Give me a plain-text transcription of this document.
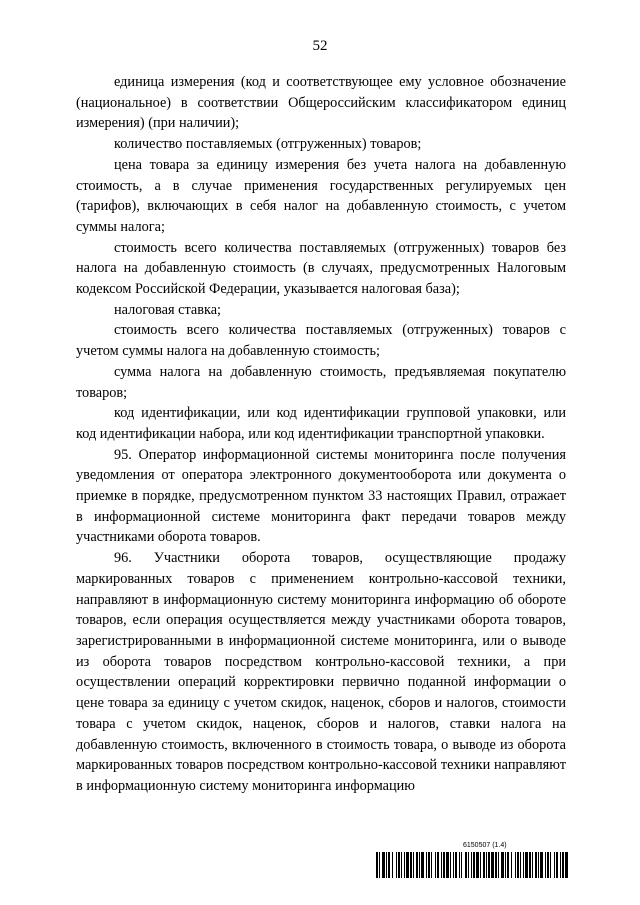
52

единица измерения (код и соответствующее ему условное обозначение (национальное) в соответствии Общероссийским классификатором единиц измерения) (при наличии);

количество поставляемых (отгруженных) товаров;

цена товара за единицу измерения без учета налога на добавленную стоимость, а в случае применения государственных регулируемых цен (тарифов), включающих в себя налог на добавленную стоимость, с учетом суммы налога;

стоимость всего количества поставляемых (отгруженных) товаров без налога на добавленную стоимость (в случаях, предусмотренных Налоговым кодексом Российской Федерации, указывается налоговая база);

налоговая ставка;

стоимость всего количества поставляемых (отгруженных) товаров с учетом суммы налога на добавленную стоимость;

сумма налога на добавленную стоимость, предъявляемая покупателю товаров;

код идентификации, или код идентификации групповой упаковки, или код идентификации набора, или код идентификации транспортной упаковки.

95. Оператор информационной системы мониторинга после получения уведомления от оператора электронного документооборота или документа о приемке в порядке, предусмотренном пунктом 33 настоящих Правил, отражает в информационной системе мониторинга факт передачи товаров между участниками оборота товаров.

96. Участники оборота товаров, осуществляющие продажу маркированных товаров с применением контрольно-кассовой техники, направляют в информационную систему мониторинга информацию об обороте товаров, если операция осуществляется между участниками оборота товаров, зарегистрированными в информационной системе мониторинга, или о выводе из оборота товаров посредством контрольно-кассовой техники, а при осуществлении операций корректировки первично поданной информации о цене товара за единицу с учетом скидок, наценок, сборов и налогов, стоимости товара с учетом скидок, наценок, сборов и налогов, ставки налога на добавленную стоимость, включенного в стоимость товара, о выводе из оборота маркированных товаров посредством контрольно-кассовой техники направляют в информационную систему мониторинга информацию

6150507 (1.4)
